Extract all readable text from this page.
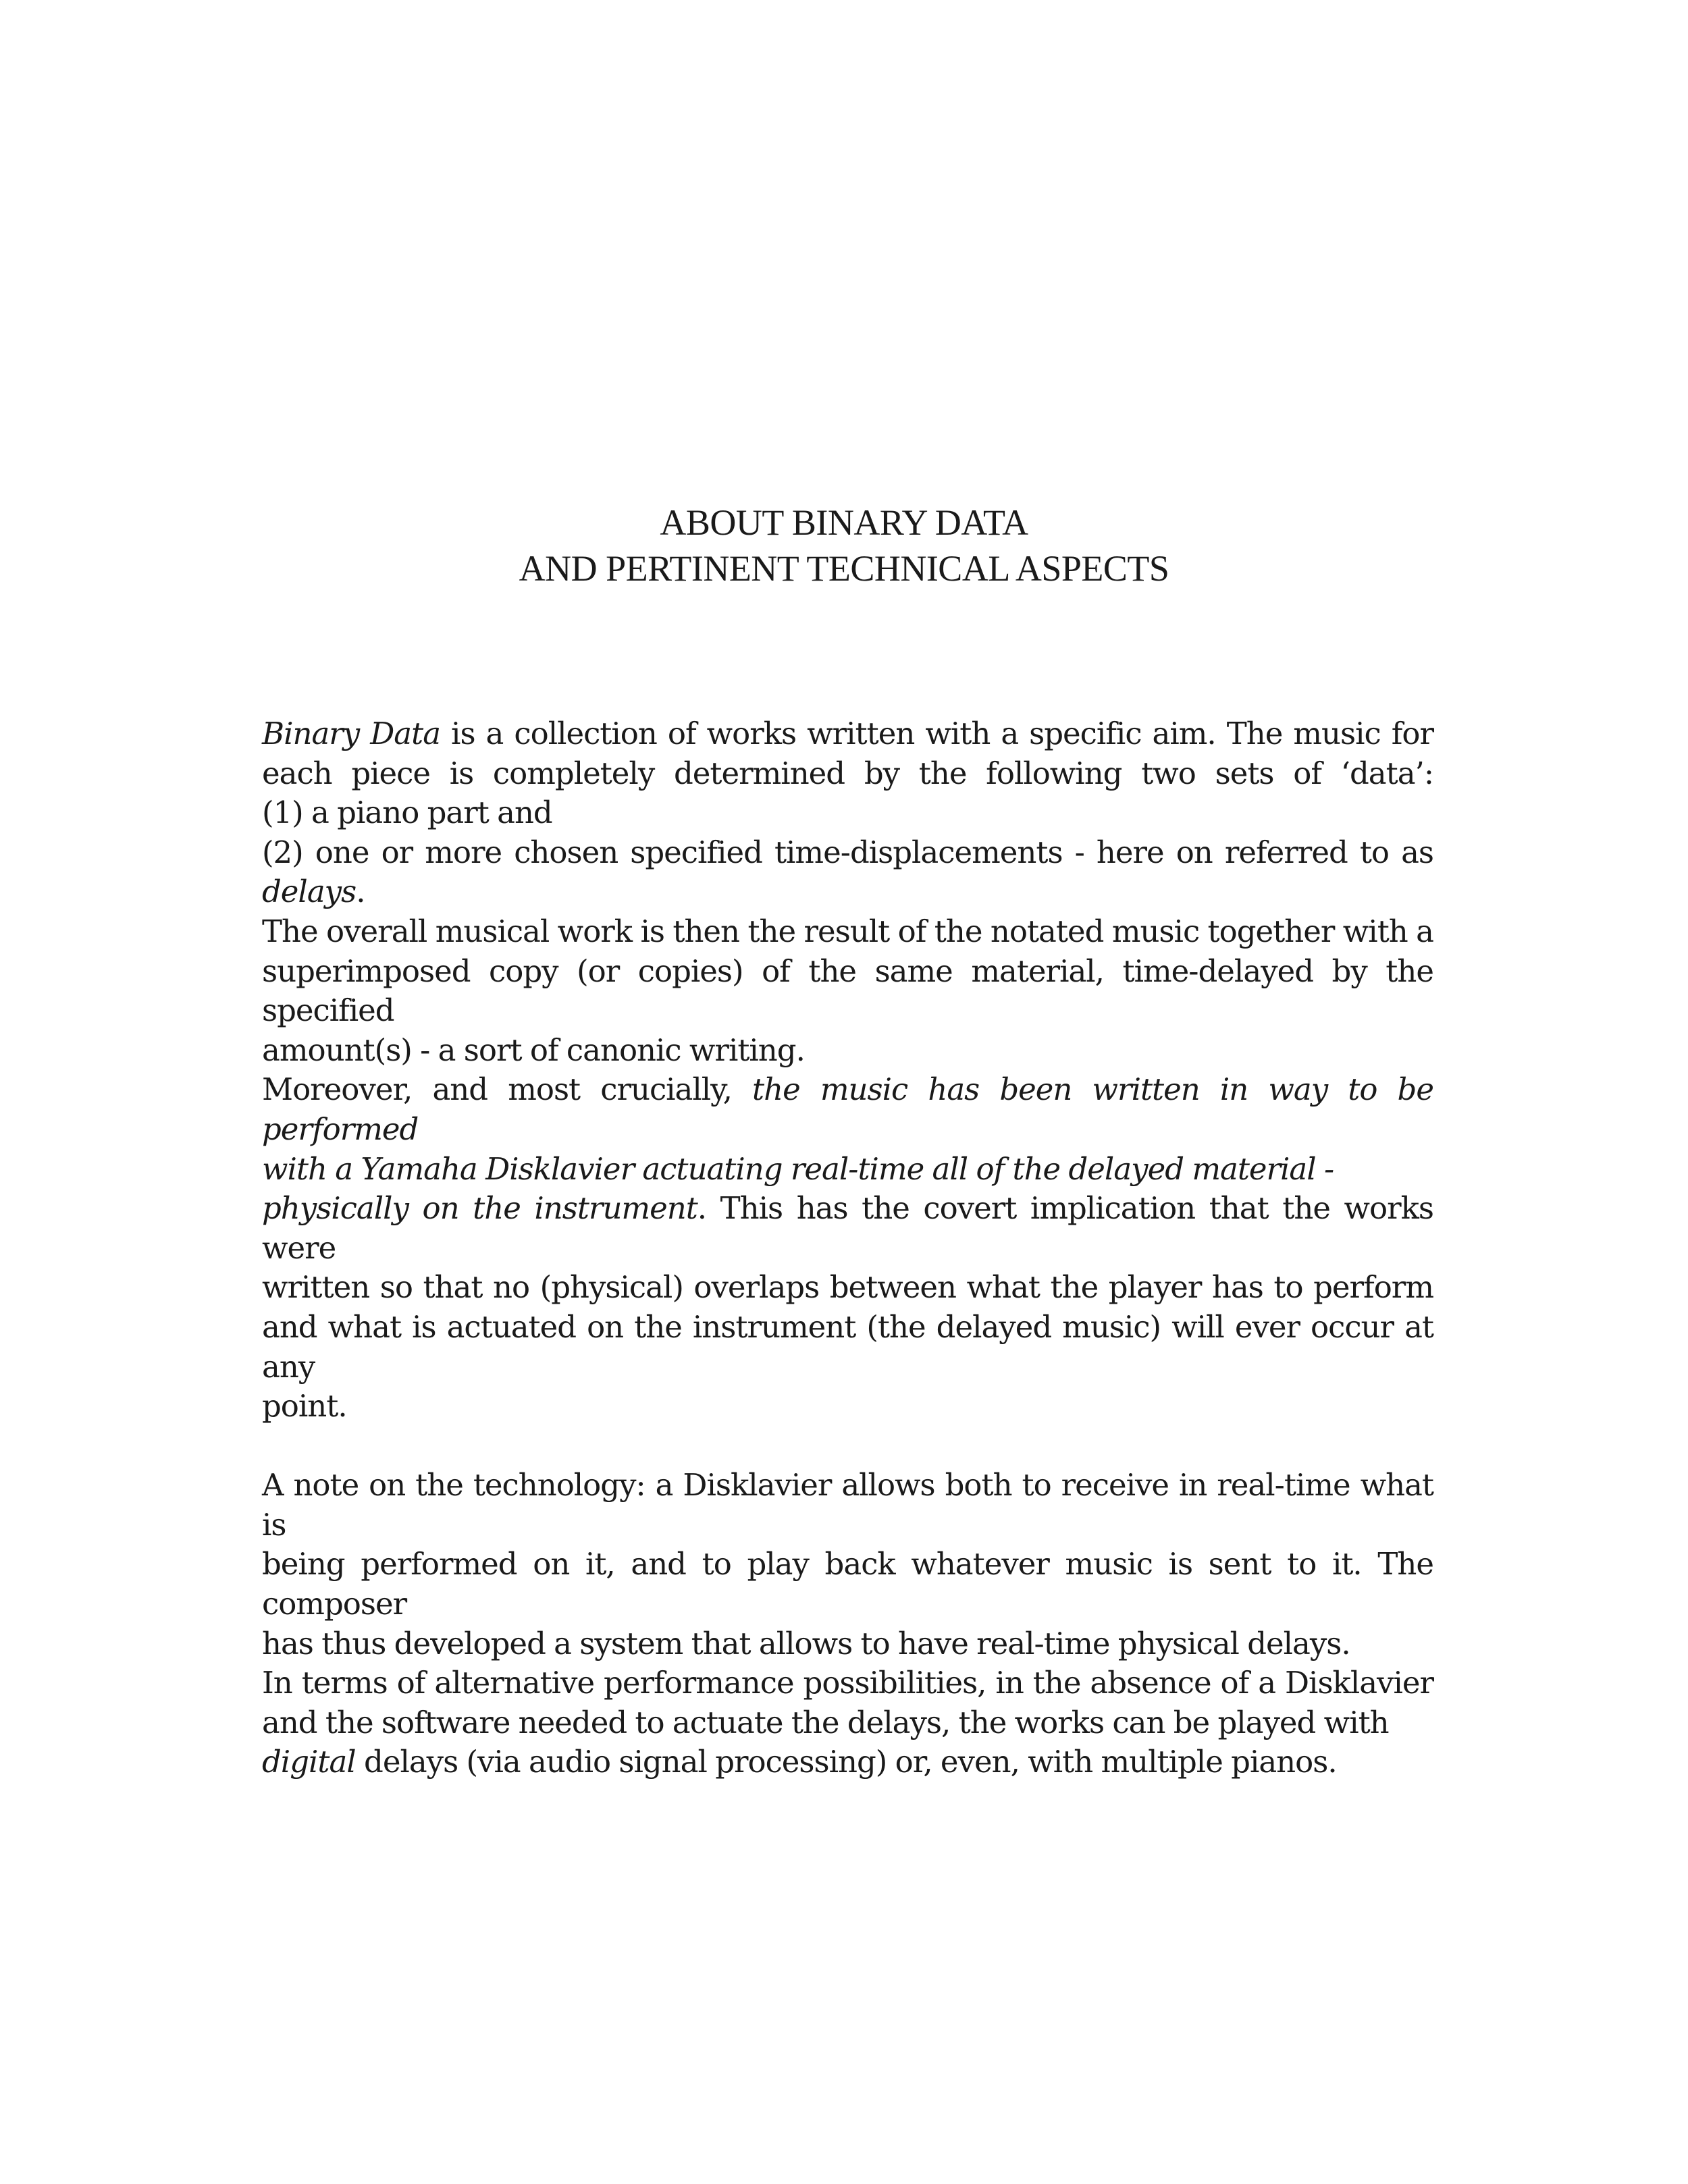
ABOUT BINARY DATA
AND PERTINENT TECHNICAL ASPECTS

Binary Data is a collection of works written with a specific aim. The music for
each piece is completely determined by the following two sets of ‘data’:
(1) a piano part and
(2) one or more chosen specified time-displacements - here on referred to as
delays.

The overall musical work is then the result of the notated music together with a
superimposed copy (or copies) of the same material, time-delayed by the specified
amount(s) - a sort of canonic writing.

Moreover, and most crucially, the music has been written in way to be performed
with a Yamaha Disklavier actuating real-time all of the delayed material -
physically on the instrument. This has the covert implication that the works were
written so that no (physical) overlaps between what the player has to perform
and what is actuated on the instrument (the delayed music) will ever occur at any
point.

A note on the technology: a Disklavier allows both to receive in real-time what is
being performed on it, and to play back whatever music is sent to it. The composer
has thus developed a system that allows to have real-time physical delays.

In terms of alternative performance possibilities, in the absence of a Disklavier
and the software needed to actuate the delays, the works can be played with
digital delays (via audio signal processing) or, even, with multiple pianos.
